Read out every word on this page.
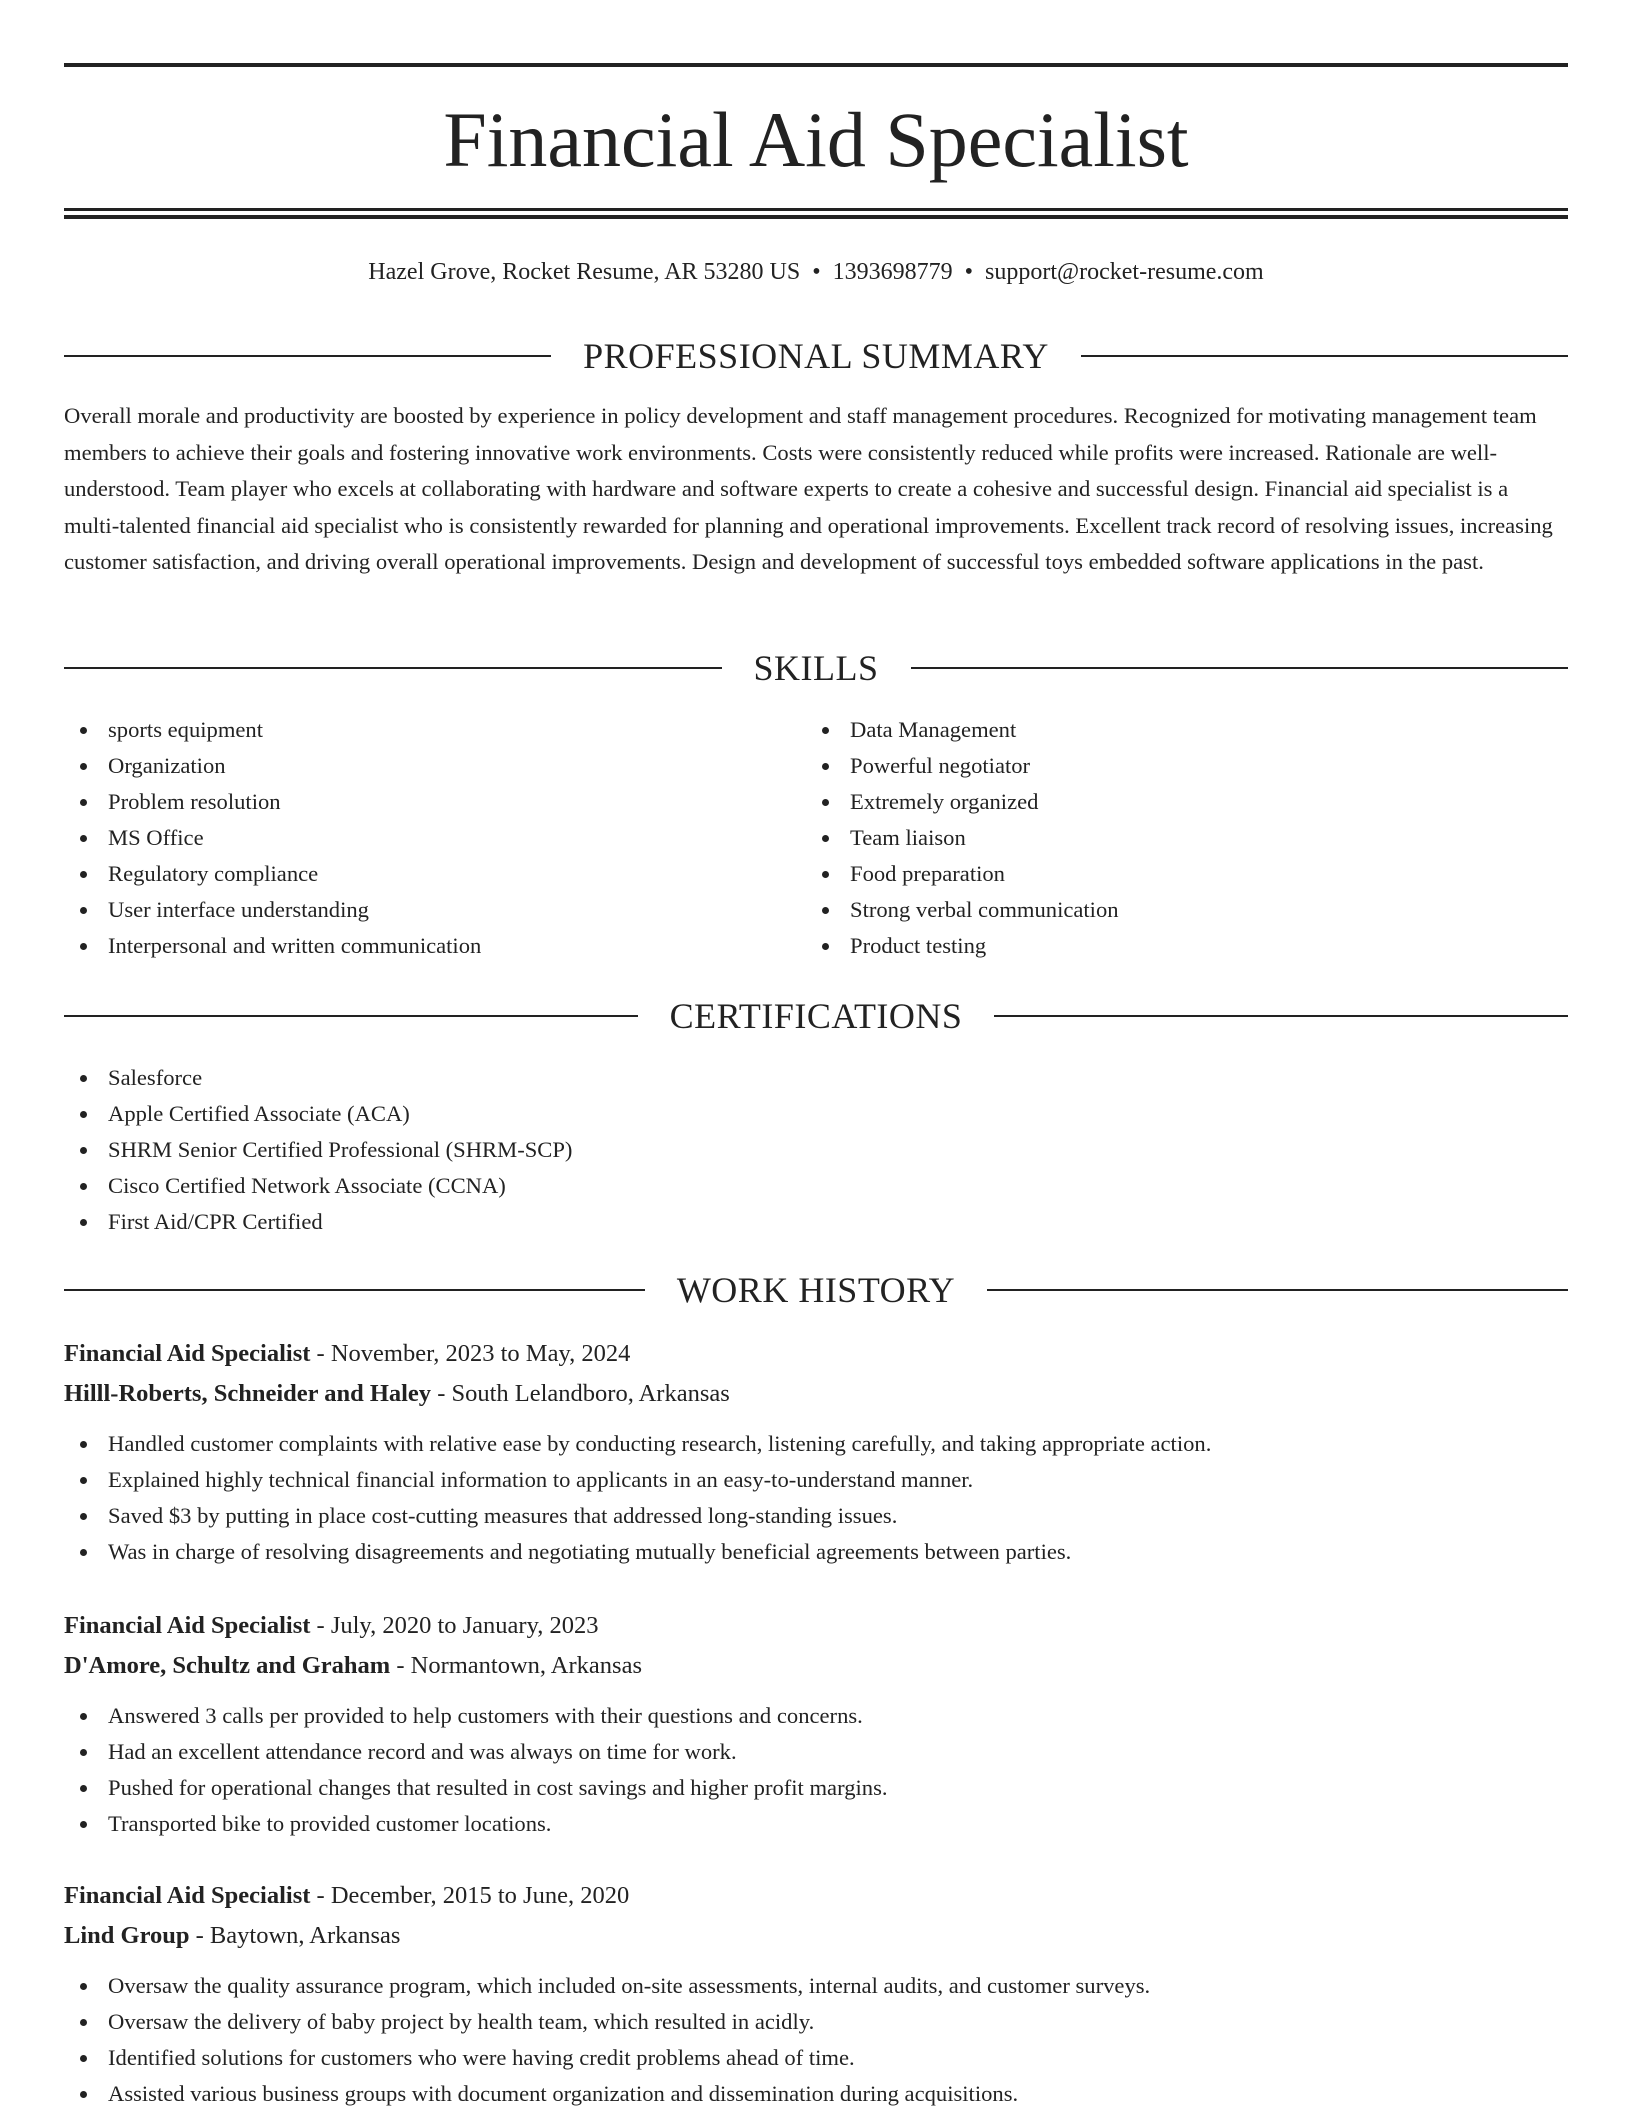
Financial Aid Specialist
Hazel Grove, Rocket Resume, AR 53280 US • 1393698779 • support@rocket-resume.com
PROFESSIONAL SUMMARY

Overall morale and productivity are boosted by experience in policy development and staff management procedures. Recognized for motivating management team members to achieve their goals and fostering innovative work environments. Costs were consistently reduced while profits were increased. Rationale are well-understood. Team player who excels at collaborating with hardware and software experts to create a cohesive and successful design. Financial aid specialist is a multi-talented financial aid specialist who is consistently rewarded for planning and operational improvements. Excellent track record of resolving issues, increasing customer satisfaction, and driving overall operational improvements. Design and development of successful toys embedded software applications in the past.

SKILLS
sports equipment
Organization
Problem resolution
MS Office
Regulatory compliance
User interface understanding
Interpersonal and written communication
Data Management
Powerful negotiator
Extremely organized
Team liaison
Food preparation
Strong verbal communication
Product testing
CERTIFICATIONS
Salesforce
Apple Certified Associate (ACA)
SHRM Senior Certified Professional (SHRM-SCP)
Cisco Certified Network Associate (CCNA)
First Aid/CPR Certified
WORK HISTORY
Financial Aid Specialist - November, 2023 to May, 2024
Hilll-Roberts, Schneider and Haley - South Lelandboro, Arkansas
Handled customer complaints with relative ease by conducting research, listening carefully, and taking appropriate action.
Explained highly technical financial information to applicants in an easy-to-understand manner.
Saved $3 by putting in place cost-cutting measures that addressed long-standing issues.
Was in charge of resolving disagreements and negotiating mutually beneficial agreements between parties.
Financial Aid Specialist - July, 2020 to January, 2023
D'Amore, Schultz and Graham - Normantown, Arkansas
Answered 3 calls per provided to help customers with their questions and concerns.
Had an excellent attendance record and was always on time for work.
Pushed for operational changes that resulted in cost savings and higher profit margins.
Transported bike to provided customer locations.
Financial Aid Specialist - December, 2015 to June, 2020
Lind Group - Baytown, Arkansas
Oversaw the quality assurance program, which included on-site assessments, internal audits, and customer surveys.
Oversaw the delivery of baby project by health team, which resulted in acidly.
Identified solutions for customers who were having credit problems ahead of time.
Assisted various business groups with document organization and dissemination during acquisitions.
